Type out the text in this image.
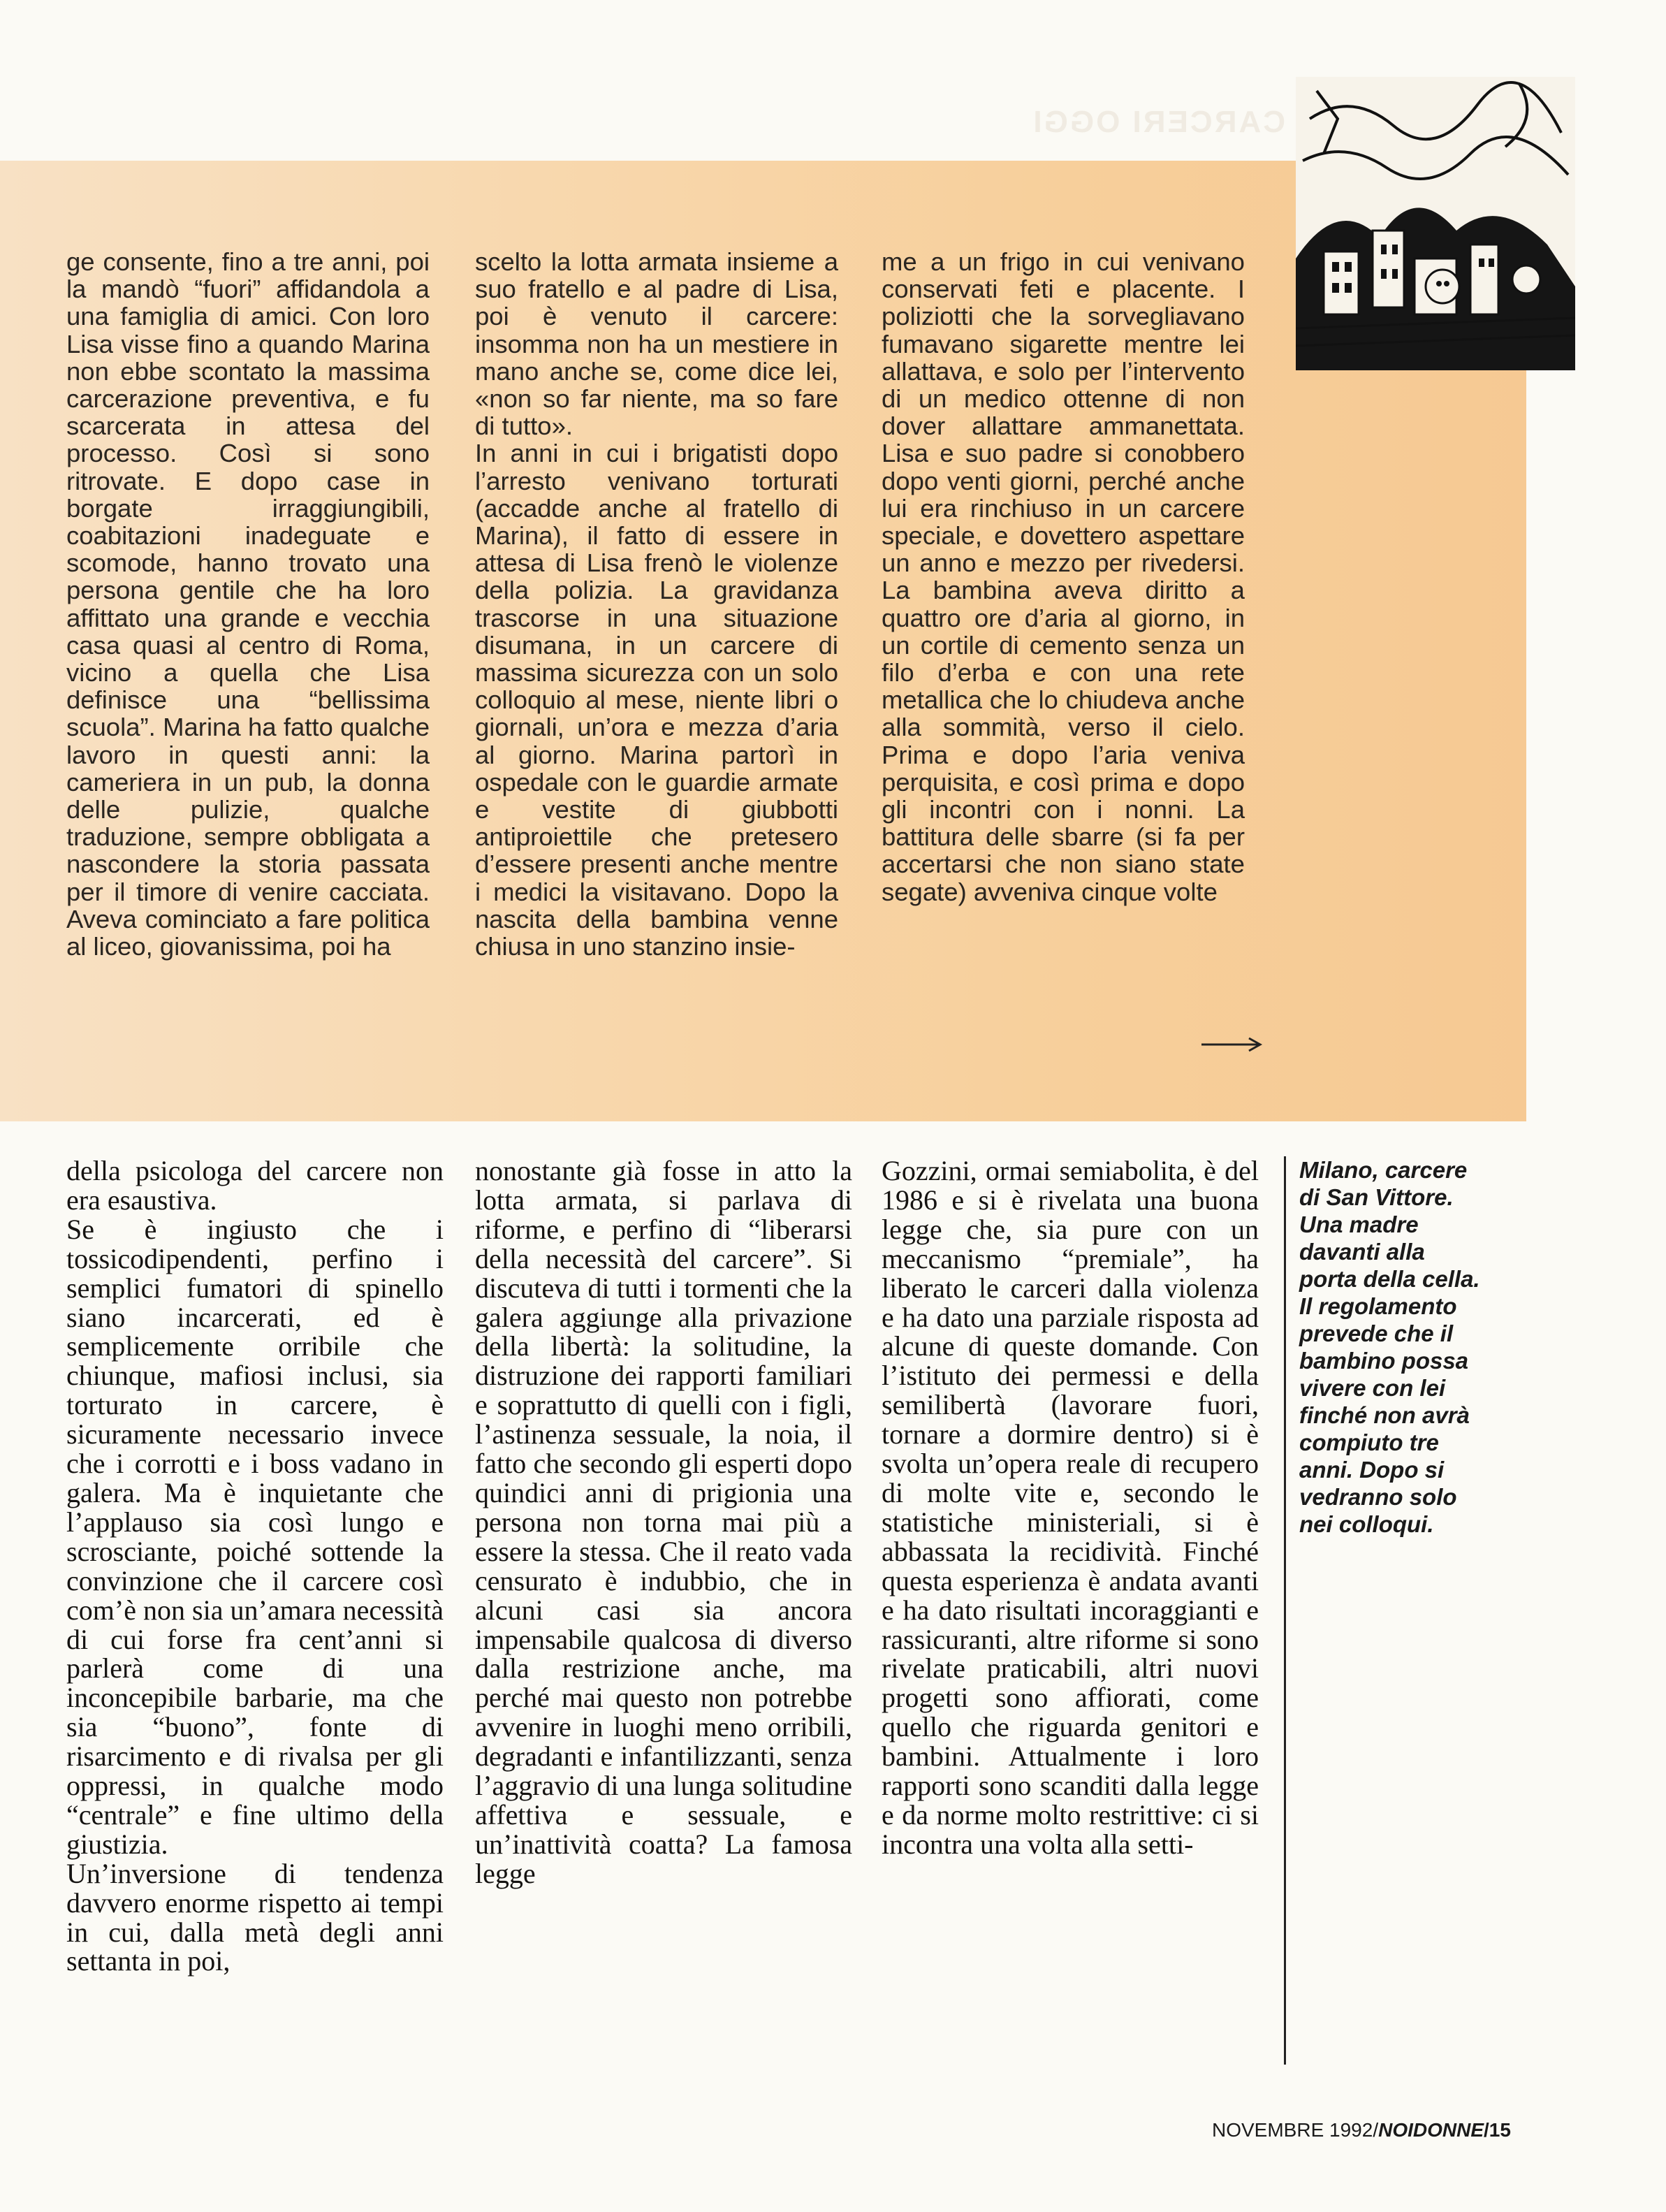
CARCERI OGGI

ge consente, fino a tre anni, poi la mandò “fuori” affidandola a una famiglia di amici. Con loro Lisa visse fino a quando Marina non ebbe scontato la massima carcerazione preventiva, e fu scarcerata in attesa del processo. Così si sono ritrovate. E dopo case in borgate irraggiungibili, coabitazioni inadeguate e scomode, hanno trovato una persona gentile che ha loro affittato una grande e vecchia casa quasi al centro di Roma, vicino a quella che Lisa definisce una “bellissima scuola”. Marina ha fatto qualche lavoro in questi anni: la cameriera in un pub, la donna delle pulizie, qualche traduzione, sempre obbligata a nascondere la storia passata per il timore di venire cacciata. Aveva cominciato a fare politica al liceo, giovanissima, poi ha

scelto la lotta armata insieme a suo fratello e al padre di Lisa, poi è venuto il carcere: insomma non ha un mestiere in mano anche se, come dice lei, «non so far niente, ma so fare di tutto».

In anni in cui i brigatisti dopo l’arresto venivano torturati (accadde anche al fratello di Marina), il fatto di essere in attesa di Lisa frenò le violenze della polizia. La gravidanza trascorse in una situazione disumana, in un carcere di massima sicurezza con un solo colloquio al mese, niente libri o giornali, un’ora e mezza d’aria al giorno. Marina partorì in ospedale con le guardie armate e vestite di giubbotti antiproiettile che pretesero d’essere presenti anche mentre i medici la visitavano. Dopo la nascita della bambina venne chiusa in uno stanzino insie-

me a un frigo in cui venivano conservati feti e placente. I poliziotti che la sorvegliavano fumavano sigarette mentre lei allattava, e solo per l’intervento di un medico ottenne di non dover allattare ammanettata. Lisa e suo padre si conobbero dopo venti giorni, perché anche lui era rinchiuso in un carcere speciale, e dovettero aspettare un anno e mezzo per rivedersi. La bambina aveva diritto a quattro ore d’aria al giorno, in un cortile di cemento senza un filo d’erba e con una rete metallica che lo chiudeva anche alla sommità, verso il cielo. Prima e dopo l’aria veniva perquisita, e così prima e dopo gli incontri con i nonni. La battitura delle sbarre (si fa per accertarsi che non siano state segate) avveniva cinque volte

della psicologa del carcere non era esaustiva.

Se è ingiusto che i tossicodipendenti, perfino i semplici fumatori di spinello siano incarcerati, ed è semplicemente orribile che chiunque, mafiosi inclusi, sia torturato in carcere, è sicuramente necessario invece che i corrotti e i boss vadano in galera. Ma è inquietante che l’applauso sia così lungo e scrosciante, poiché sottende la convinzione che il carcere così com’è non sia un’amara necessità di cui forse fra cent’anni si parlerà come di una inconcepibile barbarie, ma che sia “buono”, fonte di risarcimento e di rivalsa per gli oppressi, in qualche modo “centrale” e fine ultimo della giustizia.

Un’inversione di tendenza davvero enorme rispetto ai tempi in cui, dalla metà degli anni settanta in poi,

nonostante già fosse in atto la lotta armata, si parlava di riforme, e perfino di “liberarsi della necessità del carcere”. Si discuteva di tutti i tormenti che la galera aggiunge alla privazione della libertà: la solitudine, la distruzione dei rapporti familiari e soprattutto di quelli con i figli, l’astinenza sessuale, la noia, il fatto che secondo gli esperti dopo quindici anni di prigionia una persona non torna mai più a essere la stessa. Che il reato vada censurato è indubbio, che in alcuni casi sia ancora impensabile qualcosa di diverso dalla restrizione anche, ma perché mai questo non potrebbe avvenire in luoghi meno orribili, degradanti e infantilizzanti, senza l’aggravio di una lunga solitudine affettiva e sessuale, e un’inattività coatta? La famosa legge

Gozzini, ormai semiabolita, è del 1986 e si è rivelata una buona legge che, sia pure con un meccanismo “premiale”, ha liberato le carceri dalla violenza e ha dato una parziale risposta ad alcune di queste domande. Con l’istituto dei permessi e della semilibertà (lavorare fuori, tornare a dormire dentro) si è svolta un’opera reale di recupero di molte vite e, secondo le statistiche ministeriali, si è abbassata la recidività. Finché questa esperienza è andata avanti e ha dato risultati incoraggianti e rassicuranti, altre riforme si sono rivelate praticabili, altri nuovi progetti sono affiorati, come quello che riguarda genitori e bambini. Attualmente i loro rapporti sono scanditi dalla legge e da norme molto restrittive: ci si incontra una volta alla setti-

Milano, carcere di San Vittore. Una madre davanti alla porta della cella. Il regolamento prevede che il bambino possa vivere con lei finché non avrà compiuto tre anni. Dopo si vedranno solo nei colloqui.
NOVEMBRE 1992/NOIDONNE/15
